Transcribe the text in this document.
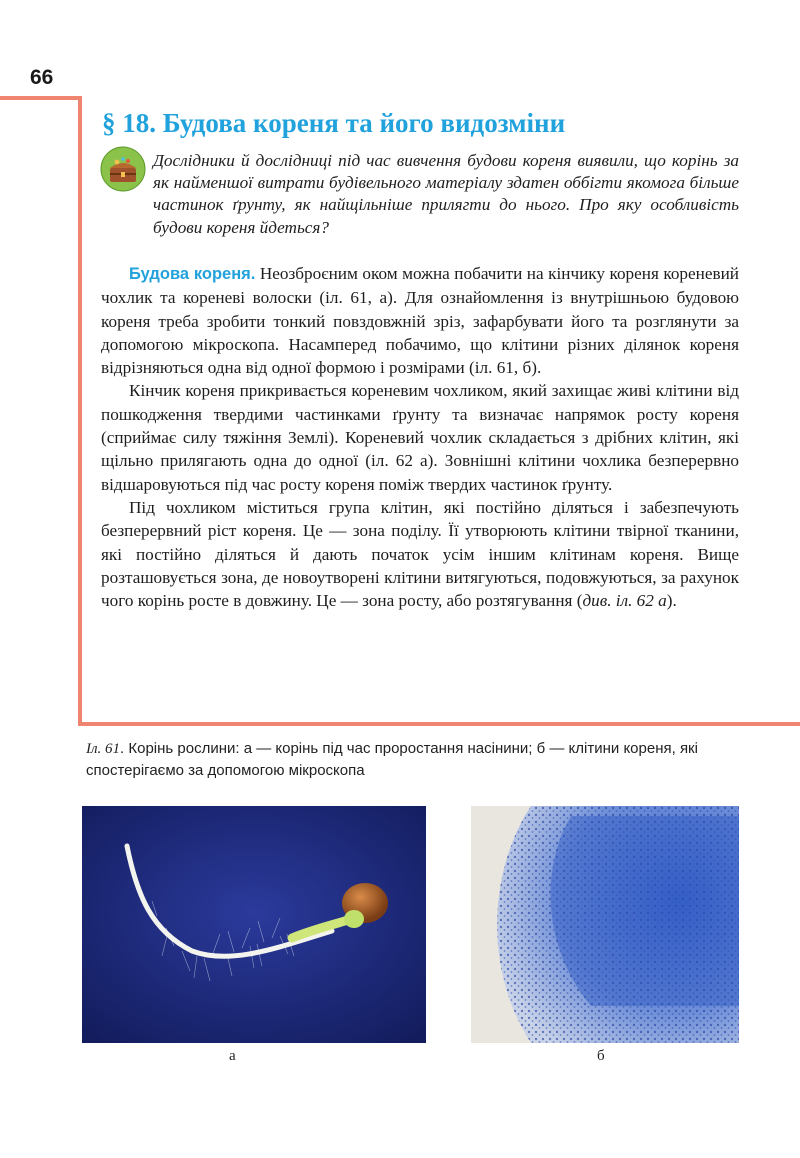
66
§ 18. Будова кореня та його видозміни

Дослідники й дослідниці під час вивчення будови кореня виявили, що корінь за як найменшої витрати будівельного матеріалу здатен оббігти якомога більше частинок ґрунту, як найщільніше прилягти до нього. Про яку особливість будови кореня йдеться?

Будова кореня. Неозброєним оком можна побачити на кінчику кореня кореневий чохлик та кореневі волоски (іл. 61, а). Для ознайомлення із внутрішньою будовою кореня треба зробити тонкий повздовжній зріз, зафарбувати його та розглянути за допомогою мікроскопа. Насамперед побачимо, що клітини різних ділянок кореня відрізняються одна від одної формою і розмірами (іл. 61, б).

Кінчик кореня прикривається кореневим чохликом, який захищає живі клітини від пошкодження твердими частинками ґрунту та визначає напрямок росту кореня (сприймає силу тяжіння Землі). Кореневий чохлик складається з дрібних клітин, які щільно прилягають одна до одної (іл. 62 а). Зовнішні клітини чохлика безперервно відшаровуються під час росту кореня поміж твердих частинок ґрунту.

Під чохликом міститься група клітин, які постійно діляться і забезпечують безперервний ріст кореня. Це — зона поділу. Її утворюють клітини твірної тканини, які постійно діляться й дають початок усім іншим клітинам кореня. Вище розташовується зона, де новоутворені клітини витягуються, подовжуються, за рахунок чого корінь росте в довжину. Це — зона росту, або розтягування (див. іл. 62 а).

Іл. 61. Корінь рослини: а — корінь під час проростання насінини; б — клітини кореня, які спостерігаємо за допомогою мікроскопа

а	б
